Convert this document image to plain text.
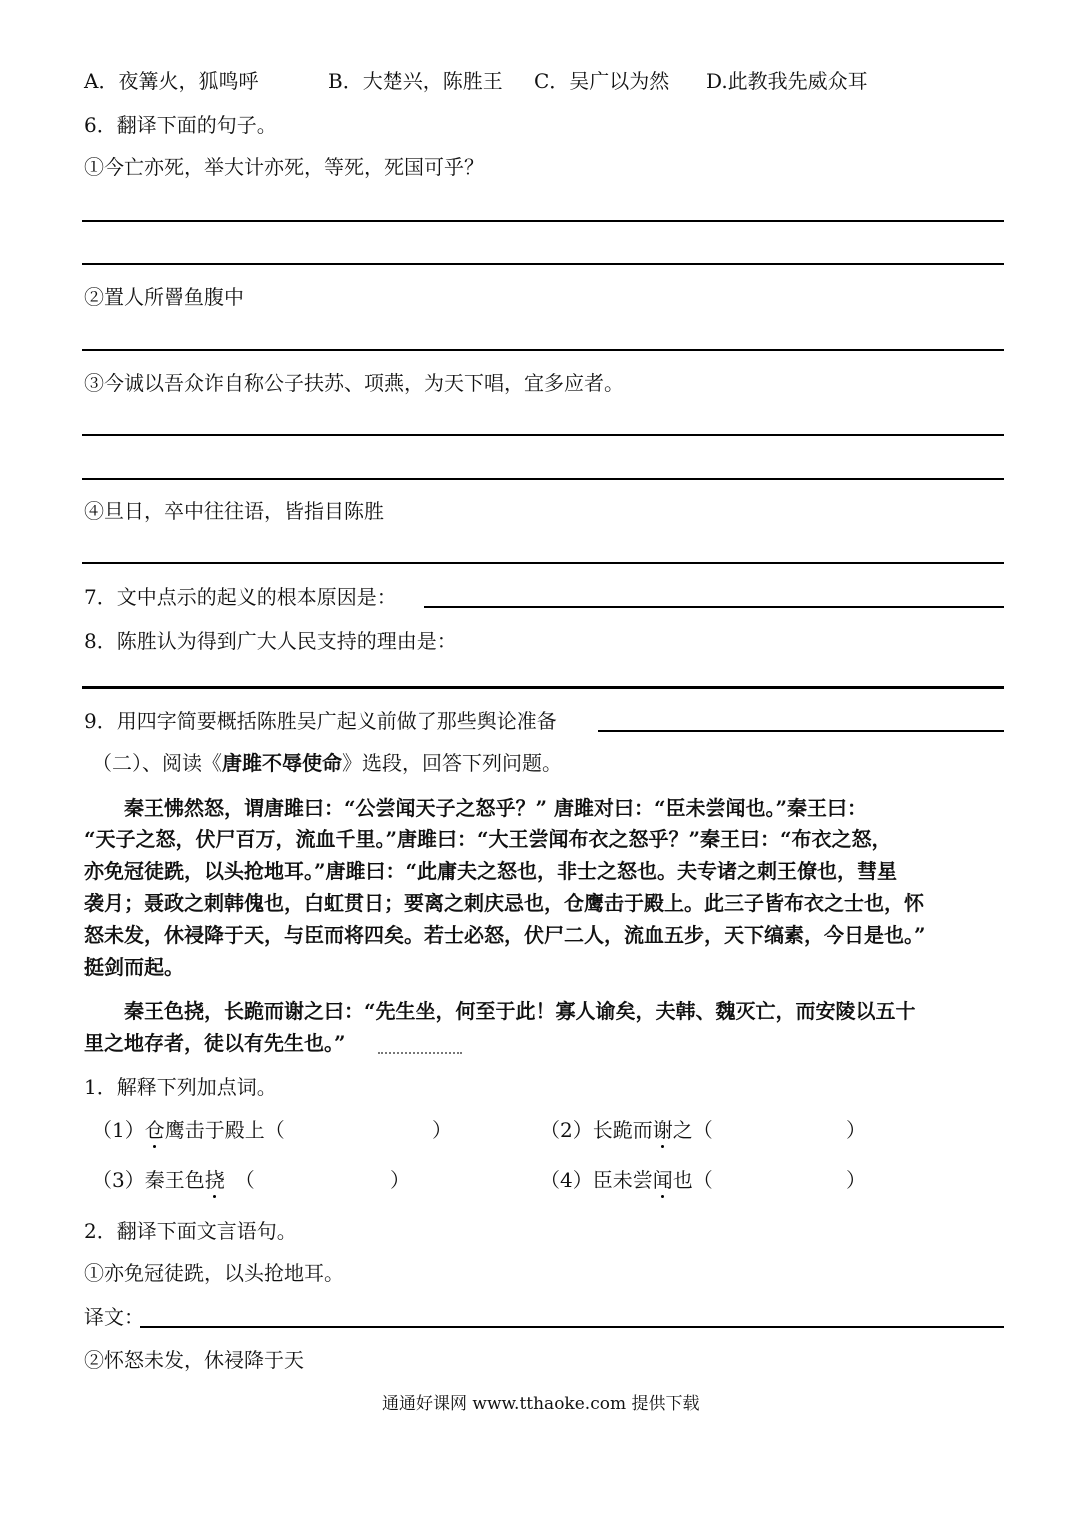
A．夜篝火，狐鸣呼	B．大楚兴，陈胜王 C．吴广以为然 D.此教我先威众耳
6．翻译下面的句子。
①今亡亦死，举大计亦死，等死，死国可乎？
②置人所罾鱼腹中
③今诚以吾众诈自称公子扶苏、项燕，为天下唱，宜多应者。
④旦日，卒中往往语，皆指目陈胜
7．文中点示的起义的根本原因是：
8．陈胜认为得到广大人民支持的理由是：
9．用四字简要概括陈胜吴广起义前做了那些舆论准备
（二）、阅读《唐雎不辱使命》选段，回答下列问题。
秦王怫然怒，谓唐雎曰：“公尝闻天子之怒乎？” 唐雎对曰：“臣未尝闻也。”秦王曰：
“天子之怒，伏尸百万，流血千里。”唐雎曰：“大王尝闻布衣之怒乎？”秦王曰：“布衣之怒，
亦免冠徒跣，以头抢地耳。”唐雎曰：“此庸夫之怒也，非士之怒也。夫专诸之刺王僚也，彗星
袭月；聂政之刺韩傀也，白虹贯日；要离之刺庆忌也，仓鹰击于殿上。此三子皆布衣之士也，怀
怒未发，休祲降于天，与臣而将四矣。若士必怒，伏尸二人，流血五步，天下缟素，今日是也。”
挺剑而起。
秦王色挠，长跪而谢之曰：“先生坐，何至于此！寡人谕矣，夫韩、魏灭亡，而安陵以五十
里之地存者，徒以有先生也。”
1．解释下列加点词。
（1）仓鹰击于殿上（	）	（2）长跪而谢之（	）
（3）秦王色挠　（	）	（4）臣未尝闻也（	）
2．翻译下面文言语句。
①亦免冠徒跣，以头抢地耳。
译文：
②怀怒未发，休祲降于天
通通好课网 www.tthaoke.com 提供下载
